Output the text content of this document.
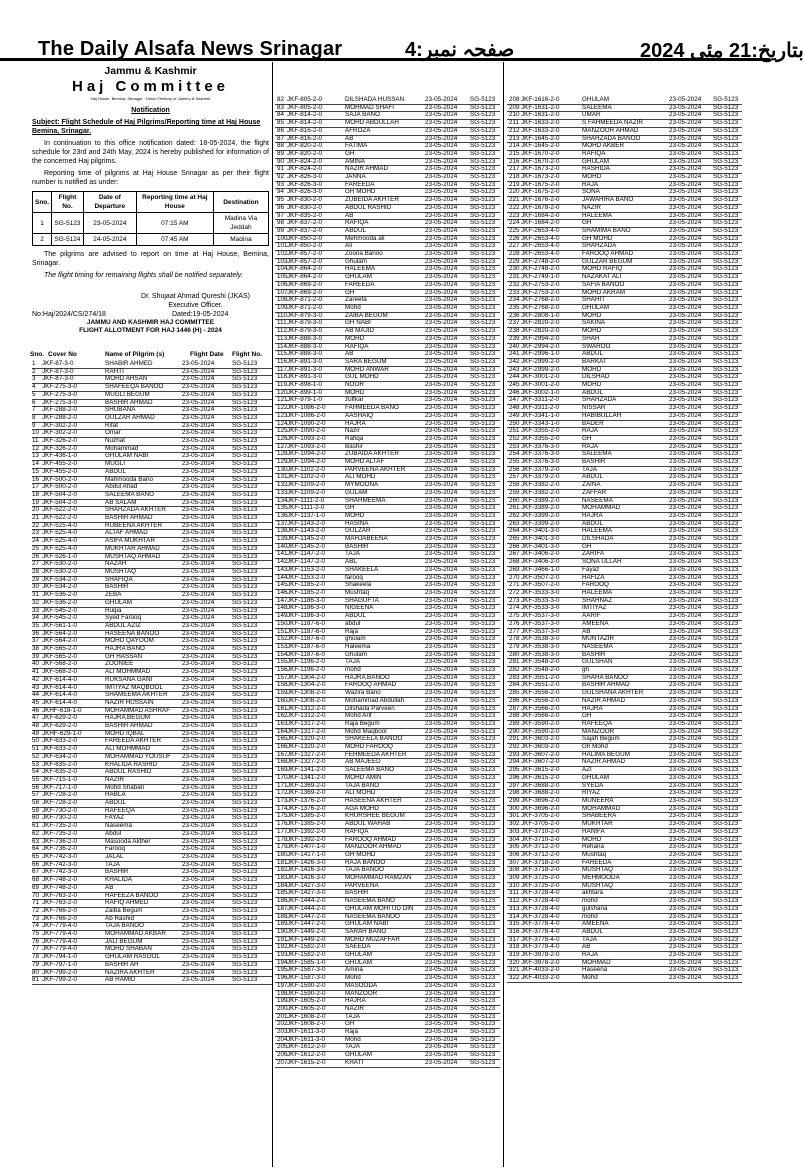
The Daily Alsafa News Srinagar	صفحہ نمبر:4	بتاریخ:21 مئی 2024
Jammu & Kashmir
Haj Committee
Haj House, Bemina, Srinagar · Union Territory of Jammu & Kashmir
Notification
Subject: Flight Schedule of Haj Pilgrims/Reporting time at Haj House Bemina, Srinagar.

In continuation to this office notification dated: 18-05-2024, the flight schedule for 23rd and 24th May, 2024 is hereby published for information of the concerned Haj pilgrims.

Reporting time of pilgrims at Haj House Srinagar as per their flight number is notified as under:

Sno.	Flight No.	Date of Departure	Reporting time at Haj House	Destination
1	SG-5123	23-05-2024	07:15 AM	Madina Via Jeddah
2	SG-5124	24-05-2024	07:45 AM	Madina

The pilgrims are advised to report on time at Haj House, Bemina, Srinagar.

The flight timing for remaining flights shall be notified separately.

Dr. Shujaat Ahmad Qureshi (JKAS)
Executive Officer.
No:Haj/2024/CS/274/18	Dated:19-05-2024
JAMMU AND KASHMIR HAJ COMMITTEE
FLIGHT ALLOTMENT FOR HAJ 1446 (H) - 2024
Sno. Cover No	Name of Pilgrim (s)	Flight Date Flight No.
1 JKF-87-3-0	SHABIR AHMED	23-05-2024	SG-5123
2 JKF-87-3-0	RAHTI	23-05-2024	SG-5123
3 JKF-87-3-0	MOHD AHSAN	23-05-2024	SG-5123
4 JKF-275-3-0	SHAFEEQA BANOO	23-05-2024	SG-5123
5 JKF-275-3-0	MUGLI BEGUM	23-05-2024	SG-5123
6 JKF-275-3-0	BASHIR AHMAD	23-05-2024	SG-5123
7 JKF-288-2-0	SHUBANA	23-05-2024	SG-5123
8 JKF-288-2-0	GULZAR AHMAD	23-05-2024	SG-5123
9 JKF-302-2-0	Rifat	23-05-2024	SG-5123
10 JKF-302-2-0	Omar	23-05-2024	SG-5123
11 JKF-326-2-0	Nuzhat	23-05-2024	SG-5123
12 JKF-326-2-0	Mohammad	23-05-2024	SG-5123
13 JKF-436-1-0	GHULAM NABI	23-05-2024	SG-5123
14 JKF-455-2-0	MUGLI	23-05-2024	SG-5123
15 JKF-455-2-0	ABDUL	23-05-2024	SG-5123
16 JKF-500-2-0	Mahmooda Bano	23-05-2024	SG-5123
17 JKF-500-2-0	Abdul Ahad	23-05-2024	SG-5123
18 JKF-504-2-0	SALEEMA BANO	23-05-2024	SG-5123
19 JKF-504-2-0	AB SALAM	23-05-2024	SG-5123
20 JKF-522-2-0	SHAHZADA AKHTER	23-05-2024	SG-5123
21 JKF-522-2-0	BASHIR AHMAD	23-05-2024	SG-5123
22 JKF-525-4-0	RUBEENA AKHTER	23-05-2024	SG-5123
23 JKF-525-4-0	ALTAF AHMAD	23-05-2024	SG-5123
24 JKF-525-4-0	ASIFA MUKHTAR	23-05-2024	SG-5123
25 JKF-525-4-0	MUKHTAR AHMAD	23-05-2024	SG-5123
26 JKF-526-1-0	MUSHTAQ AHMAD	23-05-2024	SG-5123
27 JKF-530-2-0	NAZAH	23-05-2024	SG-5123
28 JKF-530-2-0	MUSHTAQ	23-05-2024	SG-5123
29 JKF-534-2-0	SHAFIQA	23-05-2024	SG-5123
30 JKF-534-2-0	BASHIR	23-05-2024	SG-5123
31 JKF-536-2-0	ZEBA	23-05-2024	SG-5123
32 JKF-536-2-0	GHULAM	23-05-2024	SG-5123
33 JKF-545-2-0	Ruqia	23-05-2024	SG-5123
34 JKF-545-2-0	Syed Farooq	23-05-2024	SG-5123
35 JKF-561-1-0	ABDUL AZIZ	23-05-2024	SG-5123
36 JKF-564-2-0	HASEENA BANOO	23-05-2024	SG-5123
37 JKF-564-2-0	MOHD QAYOOM	23-05-2024	SG-5123
38 JKF-565-2-0	HAJRA BANO	23-05-2024	SG-5123
39 JKF-565-2-0	GH HASSAN	23-05-2024	SG-5123
40 JKF-568-2-0	ZOONIEE	23-05-2024	SG-5123
41 JKF-568-2-0	ALI MOHMMAD	23-05-2024	SG-5123
42 JKF-614-4-0	RUKSANA GANI	23-05-2024	SG-5123
43 JKF-614-4-0	IMTIYAZ MAQBOOL	23-05-2024	SG-5123
44 JKF-614-4-0	SHAMEEMA AKHTER 23-05-2024	SG-5123
45 JKF-614-4-0	NAZIR HUSSAIN	23-05-2024	SG-5123
46 JKHF-618-1-0	MOHAMMAD ASHRAF 23-05-2024	SG-5123
47 JKF-629-2-0	HAJRA BEGUM	23-05-2024	SG-5123
48 JKF-629-2-0	BASHIR AHMAD	23-05-2024	SG-5123
49 JKHF-629-1-0	MOHD IQBAL	23-05-2024	SG-5123
50 JKF-633-2-0	FAREEDA AKHTER	23-05-2024	SG-5123
51 JKF-633-2-0	ALI MOHMMAD	23-05-2024	SG-5123
52 JKF-634-2-0	MOHAMMAD YOUSUF 23-05-2024	SG-5123
53 JKF-635-2-0	KHALIDA RASHID	23-05-2024	SG-5123
54 JKF-635-2-0	ABDUL RASHID	23-05-2024	SG-5123
55 JKF-715-1-0	NAZIR	23-05-2024	SG-5123
56 JKF-717-1-0	Mohd Shaban	23-05-2024	SG-5123
57 JKF-728-2-0	HABLA	23-05-2024	SG-5123
58 JKF-728-2-0	ABDUL	23-05-2024	SG-5123
59 JKF-730-2-0	RAFEEQA	23-05-2024	SG-5123
60 JKF-730-2-0	FAYAZ	23-05-2024	SG-5123
61 JKF-735-2-0	Naseema	23-05-2024	SG-5123
62 JKF-735-2-0	Abdul	23-05-2024	SG-5123
63 JKF-736-2-0	Masooda Akther	23-05-2024	SG-5123
64 JKF-736-2-0	Farooq	23-05-2024	SG-5123
65 JKF-742-3-0	JALAL	23-05-2024	SG-5123
66 JKF-742-3-0	TAJA	23-05-2024	SG-5123
67 JKF-742-3-0	BASHIR	23-05-2024	SG-5123
68 JKF-748-2-0	KHALIDA	23-05-2024	SG-5123
69 JKF-748-2-0	AB	23-05-2024	SG-5123
70 JKF-763-2-0	HAFEEZA BANOO	23-05-2024	SG-5123
71 JKF-763-2-0	RAFIQ AHMED	23-05-2024	SG-5123
72 JKF-766-2-0	Zaiba Begum	23-05-2024	SG-5123
73 JKF-766-2-0	Ab Rashid	23-05-2024	SG-5123
74 JKF-779-4-0	TAJA BANOO	23-05-2024	SG-5123
75 JKF-779-4-0	MOHAMMAD AKBAR	23-05-2024	SG-5123
76 JKF-779-4-0	JALI BEGUM	23-05-2024	SG-5123
77 JKF-779-4-0	MOHD SHABAN	23-05-2024	SG-5123
78 JKF-794-1-0	GHULAM RASOOL	23-05-2024	SG-5123
79 JKF-797-1-0	BASHIR AH	23-05-2024	SG-5123
80 JKF-799-2-0	NAZIRA AKHTER	23-05-2024	SG-5123
81 JKF-799-2-0	AB HAMID	23-05-2024	SG-5123
82 JKF-805-2-0	DILSHADA HUSSAN	23-05-2024 SG-5123
83 JKF-805-2-0	MOHMAD SHAFI	23-05-2024 SG-5123
84 JKF-814-2-0	SAJA BANO	23-05-2024 SG-5123
85 JKF-814-2-0	MOHD ABDULLAH	23-05-2024 SG-5123
86 JKF-816-2-0	AFROZA	23-05-2024 SG-5123
87 JKF-816-2-0	AB	23-05-2024 SG-5123
88 JKF-820-2-0	FATIMA	23-05-2024 SG-5123
89 JKF-820-2-0	GH	23-05-2024 SG-5123
90 JKF-824-2-0	AMINA	23-05-2024 SG-5123
91 JKF-824-2-0	NAZIR AHMAD	23-05-2024 SG-5123
92 JKF-826-3-0	JANNA	23-05-2024 SG-5123
93 JKF-826-3-0	FAREEDA	23-05-2024 SG-5123
94 JKF-826-3-0	GH MOHD	23-05-2024 SG-5123
95 JKF-830-2-0	ZUBEIDA AKHTER	23-05-2024 SG-5123
96 JKF-830-2-0	ABDUL RASHID	23-05-2024 SG-5123
97 JKF-835-2-0	AB	23-05-2024 SG-5123
98 JKF-837-2-0	RAFIQA	23-05-2024 SG-5123
99 JKF-837-2-0	ABDUL	23-05-2024 SG-5123
100 JKF-850-2-0	Mehmooda ali	23-05-2024 SG-5123
101 JKF-850-2-0	Ali	23-05-2024 SG-5123
102 JKF-857-2-0	Zoona Banoo	23-05-2024 SG-5123
103 JKF-857-2-0	Ghulam	23-05-2024 SG-5123
104 JKF-864-2-0	HALEEMA	23-05-2024 SG-5123
105 JKF-864-2-0	GHULAM	23-05-2024 SG-5123
106 JKF-869-2-0	FAREEDA	23-05-2024 SG-5123
107 JKF-869-2-0	GH	23-05-2024 SG-5123
108 JKF-871-2-0	Zareefa	23-05-2024 SG-5123
109 JKF-871-2-0	Mohd	23-05-2024 SG-5123
110 JKF-879-3-0	ZAIBA BEGUM	23-05-2024 SG-5123
111 JKF-879-3-0	GH NABI	23-05-2024 SG-5123
112 JKF-879-3-0	AB MAJID	23-05-2024 SG-5123
113 JKF-888-3-0	MOHD	23-05-2024 SG-5123
114 JKF-888-3-0	RAFIQA	23-05-2024 SG-5123
115 JKF-888-3-0	AB	23-05-2024 SG-5123
116 JKF-891-3-0	SARA BEGUM	23-05-2024 SG-5123
117 JKF-891-3-0	MOHD ANWAR	23-05-2024 SG-5123
118 JKF-891-3-0	GUL MOHD	23-05-2024 SG-5123
119 JKF-898-1-0	NOOR	23-05-2024 SG-5123
120 JKF-899-1-0	MOHD	23-05-2024 SG-5123
121 JKF-979-1-0	zulfkar	23-05-2024 SG-5123
122 JKF-1086-2-0	FAHMEEDA BANO	23-05-2024 SG-5123
123 JKF-1086-2-0	AASHAIQ	23-05-2024 SG-5123
124 JKF-1090-2-0	HAJRA	23-05-2024 SG-5123
125 JKF-1090-2-0	Nazir	23-05-2024 SG-5123
126 JKF-1093-2-0	Rafiqa	23-05-2024 SG-5123
127 JKF-1093-2-0	Bashir	23-05-2024 SG-5123
128 JKF-1094-2-0	ZUBAIDA AKHTER	23-05-2024 SG-5123
129 JKF-1094-2-0	MOHD ALTAF	23-05-2024 SG-5123
130 JKF-1102-2-0	PARVEENA AKHTER	23-05-2024 SG-5123
131 JKF-1102-2-0	ALI MOHD	23-05-2024 SG-5123
132 JKF-1109-2-0	MYMOONA	23-05-2024 SG-5123
133 JKF-1109-2-0	GULAM	23-05-2024 SG-5123
134 JKF-1111-2-0	SHAHMEEMA	23-05-2024 SG-5123
135 JKF-1111-2-0	GH	23-05-2024 SG-5123
136 JKF-1137-1-0	MOHD	23-05-2024 SG-5123
137 JKF-1143-2-0	HASINA	23-05-2024 SG-5123
138 JKF-1143-2-0	GULZAR	23-05-2024 SG-5123
139 JKF-1145-2-0	MAHJABEENA	23-05-2024 SG-5123
140 JKF-1145-2-0	BASHIR	23-05-2024 SG-5123
141 JKF-1147-2-0	TAJA	23-05-2024 SG-5123
142 JKF-1147-2-0	ABL	23-05-2024 SG-5123
143 JKF-1153-2-0	SHAKEELA	23-05-2024 SG-5123
144 JKF-1153-2-0	farooq	23-05-2024 SG-5123
145 JKF-1185-2-0	Shakeela	23-05-2024 SG-5123
146 JKF-1185-2-0	Mushtaq	23-05-2024 SG-5123
147 JKF-1186-3-0	SHAGUFTA	23-05-2024 SG-5123
148 JKF-1186-3-0	NIGEENA	23-05-2024 SG-5123
149 JKF-1186-3-0	ABDUL	23-05-2024 SG-5123
150 JKF-1187-6-0	abdul	23-05-2024 SG-5123
151 JKF-1187-6-0	Raja	23-05-2024 SG-5123
152 JKF-1187-6-0	ghulam	23-05-2024 SG-5123
153 JKF-1187-6-0	Haleema	23-05-2024 SG-5123
154 JKF-1187-6-0	Ghulam	23-05-2024 SG-5123
155 JKF-1196-2-0	TAJA	23-05-2024 SG-5123
156 JKF-1196-2-0	mohd	23-05-2024 SG-5123
157 JKF-1304-2-0	HAJRA BANOO	23-05-2024 SG-5123
158 JKF-1304-2-0	FAROOQ AHMAD	23-05-2024 SG-5123
159 JKF-1308-2-0	Wazira Bano	23-05-2024 SG-5123
160 JKF-1308-2-0	Mohammad Abdullah	23-05-2024 SG-5123
161 JKF-1312-2-0	Dilshada Parveen	23-05-2024 SG-5123
162 JKF-1312-2-0	Mohd Arif	23-05-2024 SG-5123
163 JKF-1317-2-0	Raja Begum	23-05-2024 SG-5123
164 JKF-1317-2-0	Mohd Maqbool	23-05-2024 SG-5123
165 JKF-1320-2-0	SHAKEELA BANOO	23-05-2024 SG-5123
166 JKF-1320-2-0	MOHD FAROOQ	23-05-2024 SG-5123
167 JKF-1327-2-0	FEHMEEDA AKHTER	23-05-2024 SG-5123
168 JKF-1327-2-0	AB MAJEED	23-05-2024 SG-5123
169 JKF-1341-2-0	SALEEMA BANO	23-05-2024 SG-5123
170 JKF-1341-2-0	MOHD AMIN	23-05-2024 SG-5123
171 JKF-1369-2-0	TAJA BANO	23-05-2024 SG-5123
172 JKF-1369-2-0	ALI MOHD	23-05-2024 SG-5123
173 JKF-1376-2-0	HASEENA AKHTER	23-05-2024 SG-5123
174 JKF-1376-2-0	AGA MOHD	23-05-2024 SG-5123
175 JKF-1385-2-0	KHURSHEE BEGUM	23-05-2024 SG-5123
176 JKF-1385-2-0	ABDUL WAHAB	23-05-2024 SG-5123
177 JKF-1392-2-0	RAFIQA	23-05-2024 SG-5123
178 JKF-1392-2-0	FAROOQ AHMAD	23-05-2024 SG-5123
179 JKF-1407-1-0	MANZOOR AHMAD	23-05-2024 SG-5123
180 JKF-1417-1-0	GH MOHD	23-05-2024 SG-5123
181 JKF-1426-3-0	RAJA BANOO	23-05-2024 SG-5123
182 JKF-1426-3-0	TAJA BANOO	23-05-2024 SG-5123
183 JKF-1426-3-0	MOHAMMAD RAMZAN 23-05-2024 SG-5123
184 JKF-1427-3-0	PARVEENA	23-05-2024 SG-5123
185 JKF-1427-3-0	BASHIR	23-05-2024 SG-5123
186 JKF-1444-2-0	NASEEMA BANO	23-05-2024 SG-5123
187 JKF-1444-2-0	GHULAM MOHI UD DIN 23-05-2024 SG-5123
188 JKF-1447-2-0	NASEEMA BANOO	23-05-2024 SG-5123
189 JKF-1447-2-0	GHULAM NABI	23-05-2024 SG-5123
190 JKF-1449-2-0	SARAH BANO	23-05-2024 SG-5123
191 JKF-1449-2-0	MOHD MUZAFFAR	23-05-2024 SG-5123
192 JKF-1582-2-0	SAEEDA	23-05-2024 SG-5123
193 JKF-1582-2-0	GHULAM	23-05-2024 SG-5123
194 JKF-1585-1-0	GHULAM	23-05-2024 SG-5123
195 JKF-1587-3-0	Amina	23-05-2024 SG-5123
196 JKF-1587-3-0	Mohd	23-05-2024 SG-5123
197 JKF-1590-2-0	MASOODA	23-05-2024 SG-5123
198 JKF-1590-2-0	MANZOOR	23-05-2024 SG-5123
199 JKF-1605-2-0	HAJRA	23-05-2024 SG-5123
200 JKF-1605-2-0	NAZIR	23-05-2024 SG-5123
201 JKF-1608-2-0	TAJA	23-05-2024 SG-5123
202 JKF-1608-2-0	GH	23-05-2024 SG-5123
203 JKF-1611-3-0	Raja	23-05-2024 SG-5123
204 JKF-1611-3-0	Mohd	23-05-2024 SG-5123
205 JKF-1612-2-0	TAJA	23-05-2024 SG-5123
206 JKF-1612-2-0	GHULAM	23-05-2024 SG-5123
207 JKF-1615-2-0	KHATI	23-05-2024 SG-5123
208 JKF-1616-2-0	GHULAM	23-05-2024 SG-5123
209 JKF-1631-2-0	SALEEMA	23-05-2024 SG-5123
210 JKF-1631-2-0	UMAR	23-05-2024 SG-5123
211 JKF-1633-2-0	S FAHMEEDA NAZIR	23-05-2024 SG-5123
212 JKF-1633-2-0	MANZOOR AHMAD	23-05-2024 SG-5123
213 JKF-1645-2-0	SHAHZADA BANOO	23-05-2024 SG-5123
214 JKF-1645-2-0	MOHD AKBER	23-05-2024 SG-5123
215 JKF-1670-2-0	RAFIQA	23-05-2024 SG-5123
216 JKF-1670-2-0	GHULAM	23-05-2024 SG-5123
217 JKF-1673-2-0	RASHIDA	23-05-2024 SG-5123
218 JKF-1673-2-0	MOHD	23-05-2024 SG-5123
219 JKF-1675-2-0	RAJA	23-05-2024 SG-5123
220 JKF-1675-2-0	SONA	23-05-2024 SG-5123
221 JKF-1676-2-0	JAWAHIRA BANO	23-05-2024 SG-5123
222 JKF-1678-2-0	NAZIR	23-05-2024 SG-5123
223 JKF-1684-2-0	HALEEMA	23-05-2024 SG-5123
224 JKF-1684-2-0	GH	23-05-2024 SG-5123
225 JKF-2653-4-0	SHAMIMA BANO	23-05-2024 SG-5123
226 JKF-2653-4-0	GH MOHD	23-05-2024 SG-5123
227 JKF-2653-4-0	SHAHZADA	23-05-2024 SG-5123
228 JKF-2653-4-0	FAROOQ AHMAD	23-05-2024 SG-5123
229 JKF-2748-2-0	GULZAR BEGUM	23-05-2024 SG-5123
230 JKF-2748-2-0	MOHD RAFIQ	23-05-2024 SG-5123
231 JKF-2749-1-0	NAZAKAT ALI	23-05-2024 SG-5123
232 JKF-2753-2-0	SAFIA BANOO	23-05-2024 SG-5123
233 JKF-2753-2-0	MOHD AKRAM	23-05-2024 SG-5123
234 JKF-2768-2-0	SHAHIT	23-05-2024 SG-5123
235 JKF-2768-2-0	GHULAM	23-05-2024 SG-5123
236 JKF-2808-1-0	MOHD	23-05-2024 SG-5123
237 JKF-2820-2-0	SAKINA	23-05-2024 SG-5123
238 JKF-2820-2-0	MOHD	23-05-2024 SG-5123
239 JKF-2994-2-0	SHAH	23-05-2024 SG-5123
240 JKF-2994-2-0	SWAROO	23-05-2024 SG-5123
241 JKF-2996-1-0	ABDUL	23-05-2024 SG-5123
242 JKF-2999-2-0	BARKAT	23-05-2024 SG-5123
243 JKF-2999-2-0	MOHD	23-05-2024 SG-5123
244 JKF-3001-2-0	DILSHAD	23-05-2024 SG-5123
245 JKF-3001-2-0	MOHD	23-05-2024 SG-5123
246 JKF-3002-1-0	ABDUL	23-05-2024 SG-5123
247 JKF-3311-2-0	SHAHZADA	23-05-2024 SG-5123
248 JKF-3311-2-0	NISSAR	23-05-2024 SG-5123
249 JKF-3341-1-0	HABIBULLAH	23-05-2024 SG-5123
250 JKF-3343-1-0	BADER	23-05-2024 SG-5123
251 JKF-3355-2-0	RAJA	23-05-2024 SG-5123
252 JKF-3355-2-0	GH	23-05-2024 SG-5123
253 JKF-3376-3-0	RAJA	23-05-2024 SG-5123
254 JKF-3376-3-0	SALEEMA	23-05-2024 SG-5123
255 JKF-3376-3-0	BASHIR	23-05-2024 SG-5123
256 JKF-3379-2-0	TAJA	23-05-2024 SG-5123
257 JKF-3379-2-0	ABDUL	23-05-2024 SG-5123
258 JKF-3382-2-0	ZAINA	23-05-2024 SG-5123
259 JKF-3382-2-0	ZAFFAR	23-05-2024 SG-5123
260 JKF-3389-2-0	NASEEMA	23-05-2024 SG-5123
261 JKF-3389-2-0	MOHAMMAD	23-05-2024 SG-5123
262 JKF-3399-2-0	HAJRA	23-05-2024 SG-5123
263 JKF-3399-2-0	ABDUL	23-05-2024 SG-5123
264 JKF-3401-3-0	HALEEMA	23-05-2024 SG-5123
265 JKF-3401-3-0	DILSHADA	23-05-2024 SG-5123
266 JKF-3401-3-0	GH	23-05-2024 SG-5123
267 JKF-3406-2-0	ZARIFA	23-05-2024 SG-5123
268 JKF-3406-2-0	SONA ULLAH	23-05-2024 SG-5123
269 JKF-3466-1-0	Fayaz	23-05-2024 SG-5123
270 JKF-3507-2-0	HAFIZA	23-05-2024 SG-5123
271 JKF-3507-2-0	FAROOQ	23-05-2024 SG-5123
272 JKF-3533-3-0	HALEEMA	23-05-2024 SG-5123
273 JKF-3533-3-0	SHAHNAZ	23-05-2024 SG-5123
274 JKF-3533-3-0	IMTIYAZ	23-05-2024 SG-5123
275 JKF-3537-3-0	AARIF	23-05-2024 SG-5123
276 JKF-3537-3-0	AMEENA	23-05-2024 SG-5123
277 JKF-3537-3-0	AB	23-05-2024 SG-5123
278 JKF-3538-3-0	MUNTAZIR	23-05-2024 SG-5123
279 JKF-3538-3-0	NASEEMA	23-05-2024 SG-5123
280 JKF-3538-3-0	BASHIR	23-05-2024 SG-5123
281 JKF-3548-2-0	GULSHAN	23-05-2024 SG-5123
282 JKF-3548-2-0	gh	23-05-2024 SG-5123
283 JKF-3551-2-0	SHAHA BANOO	23-05-2024 SG-5123
284 JKF-3551-2-0	BASHIR AHMAD	23-05-2024 SG-5123
285 JKF-3556-2-0	GULSHANA AKHTER	23-05-2024 SG-5123
286 JKF-3556-2-0	NAZIR AHMAD	23-05-2024 SG-5123
287 JKF-3566-2-0	HAJRA	23-05-2024 SG-5123
288 JKF-3566-2-0	GH	23-05-2024 SG-5123
289 JKF-3590-2-0	RAFEEQA	23-05-2024 SG-5123
290 JKF-3590-2-0	MANZOOR	23-05-2024 SG-5123
291 JKF-3603-2-0	Sajah Begum	23-05-2024 SG-5123
292 JKF-3603-2-0	Gh Mohd	23-05-2024 SG-5123
293 JKF-3607-2-0	HALIMA BEGUM	23-05-2024 SG-5123
294 JKF-3607-2-0	NAZIR AHMAD	23-05-2024 SG-5123
295 JKF-3615-2-0	AZI	23-05-2024 SG-5123
296 JKF-3615-2-0	GHULAM	23-05-2024 SG-5123
297 JKF-3688-2-0	SYEDA	23-05-2024 SG-5123
298 JKF-3688-2-0	RIYAZ	23-05-2024 SG-5123
299 JKF-3696-2-0	MUNEERA	23-05-2024 SG-5123
300 JKF-3696-2-0	MOHAMMAD	23-05-2024 SG-5123
301 JKF-3705-2-0	SHABEERA	23-05-2024 SG-5123
302 JKF-3705-2-0	MUKHTAR	23-05-2024 SG-5123
303 JKF-3710-2-0	HANIFA	23-05-2024 SG-5123
304 JKF-3710-2-0	MOHD	23-05-2024 SG-5123
305 JKF-3712-2-0	Rehana	23-05-2024 SG-5123
306 JKF-3712-2-0	Mushtaq	23-05-2024 SG-5123
307 JKF-3718-2-0	FAREEDA	23-05-2024 SG-5123
308 JKF-3718-2-0	MUSHTAQ	23-05-2024 SG-5123
309 JKF-3725-2-0	MEHMOODA	23-05-2024 SG-5123
310 JKF-3725-2-0	MUSHTAQ	23-05-2024 SG-5123
311 JKF-3728-4-0	akhtara	23-05-2024 SG-5123
312 JKF-3728-4-0	mohd	23-05-2024 SG-5123
313 JKF-3728-4-0	gulshana	23-05-2024 SG-5123
314 JKF-3728-4-0	mohd	23-05-2024 SG-5123
315 JKF-3778-4-0	AMEENA	23-05-2024 SG-5123
316 JKF-3778-4-0	ABDUL	23-05-2024 SG-5123
317 JKF-3778-4-0	TAJA	23-05-2024 SG-5123
318 JKF-3778-4-0	AB	23-05-2024 SG-5123
319 JKF-3978-2-0	RAJA	23-05-2024 SG-5123
320 JKF-3978-2-0	MOHMAD	23-05-2024 SG-5123
321 JKF-4033-2-0	Haseena	23-05-2024 SG-5123
322 JKF-4033-2-0	Mohd	23-05-2024 SG-5123
